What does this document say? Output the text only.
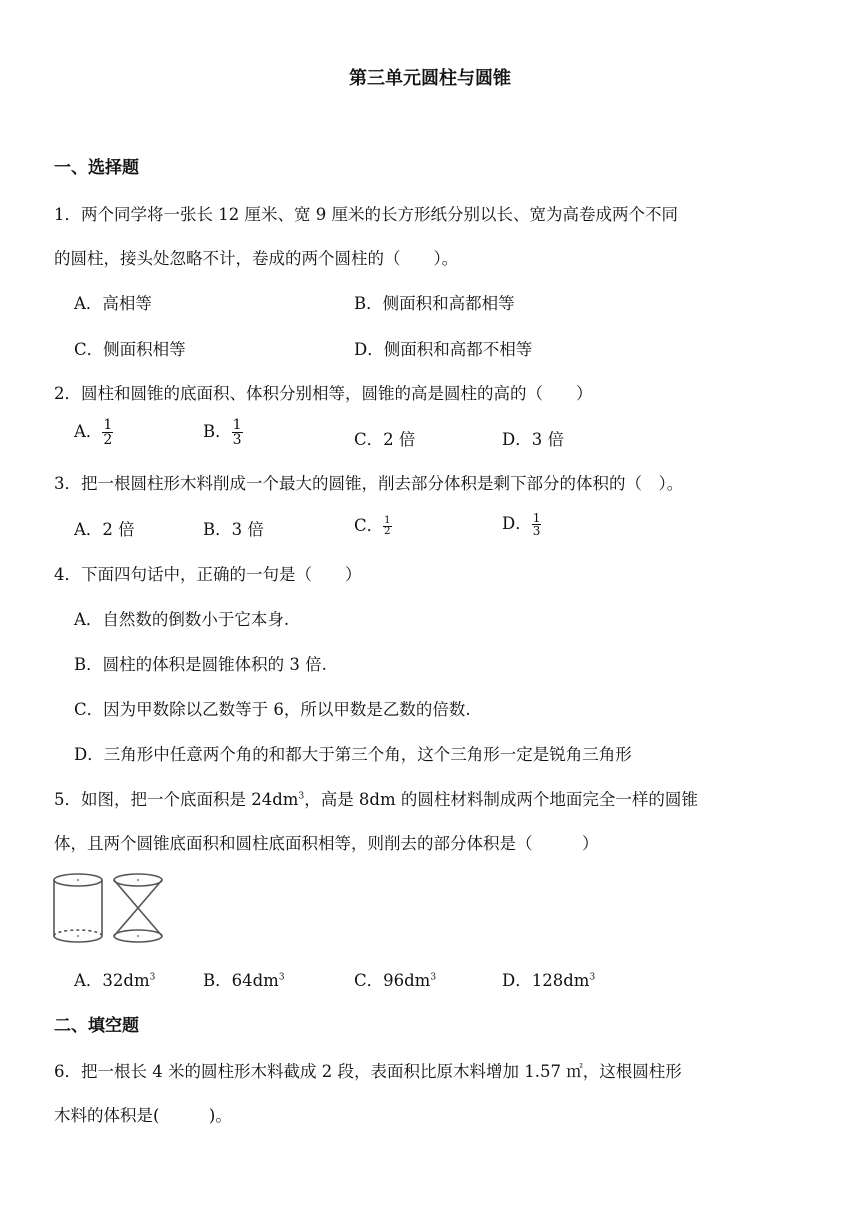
第三单元圆柱与圆锥
一、选择题
1．两个同学将一张长 12 厘米、宽 9 厘米的长方形纸分别以长、宽为高卷成两个不同
的圆柱，接头处忽略不计，卷成的两个圆柱的（　　）。
A．高相等	B．侧面积和高都相等
C．侧面积相等	D．侧面积和高都不相等
2．圆柱和圆锥的底面积、体积分别相等，圆锥的高是圆柱的高的（　　）
A． $\frac{1}{2}$	B． $\frac{1}{3}$	C．2 倍	D．3 倍
3．把一根圆柱形木料削成一个最大的圆锥，削去部分体积是剩下部分的体积的（　）。
A．2 倍	B．3 倍	C． $\frac{1}{2}$	D． $\frac{1}{3}$
4．下面四句话中，正确的一句是（　　）
A．自然数的倒数小于它本身.
B．圆柱的体积是圆锥体积的 3 倍.
C．因为甲数除以乙数等于 6，所以甲数是乙数的倍数.
D．三角形中任意两个角的和都大于第三个角，这个三角形一定是锐角三角形
5．如图，把一个底面积是 $24dm^3$，高是 8dm 的圆柱材料制成两个地面完全一样的圆锥
体，且两个圆锥底面积和圆柱底面积相等，则削去的部分体积是（　　　）
A．$32dm^3$	B．$64dm^3$	C．$96dm^3$	D．$128dm^3$
二、填空题
6．把一根长 4 米的圆柱形木料截成 2 段，表面积比原木料增加 1.57 ㎡，这根圆柱形
木料的体积是(　　　)。
